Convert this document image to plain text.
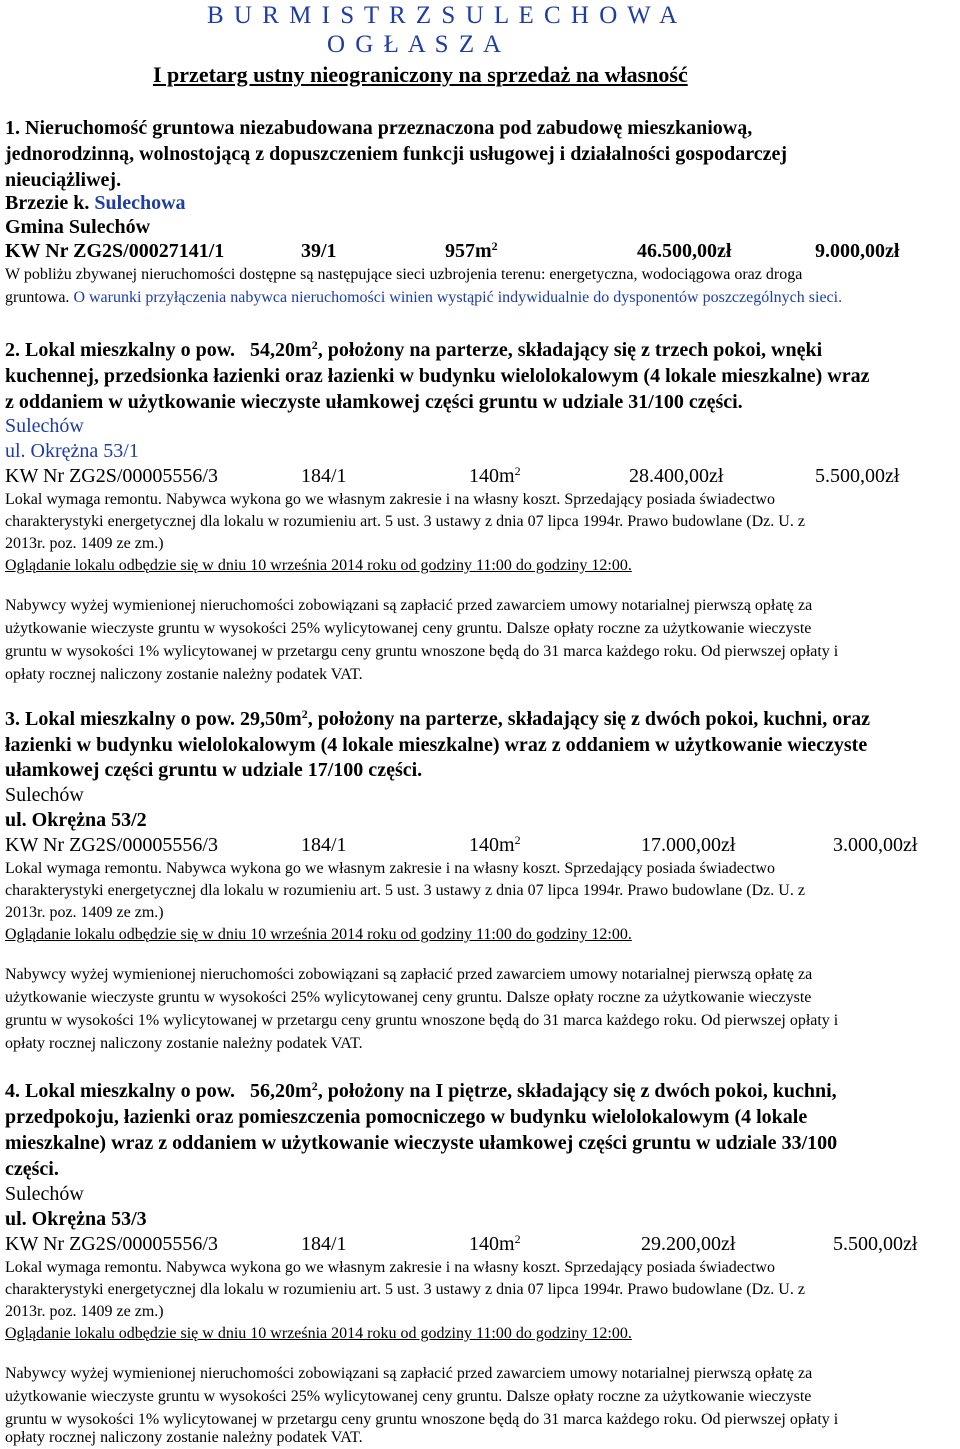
B U R M I S T R Z S U L E C H O W A
O G Ł A S Z A
I przetarg ustny nieograniczony na sprzedaż na własność
1. Nieruchomość gruntowa niezabudowana przeznaczona pod zabudowę mieszkaniową,
jednorodzinną, wolnostojącą z dopuszczeniem funkcji usługowej i działalności gospodarczej
nieuciążliwej.
Brzezie k. Sulechowa
Gmina Sulechów
KW Nr ZG2S/00027141/1	39/1	$957m^2$	46.500,00zł	9.000,00zł
W pobliżu zbywanej nieruchomości dostępne są następujące sieci uzbrojenia terenu: energetyczna, wodociągowa oraz droga
gruntowa. O warunki przyłączenia nabywca nieruchomości winien wystąpić indywidualnie do dysponentów poszczególnych sieci.
2. Lokal mieszkalny o pow. $54,20m^2$, położony na parterze, składający się z trzech pokoi, wnęki
kuchennej, przedsionka łazienki oraz łazienki w budynku wielolokalowym (4 lokale mieszkalne) wraz
z oddaniem w użytkowanie wieczyste ułamkowej części gruntu w udziale 31/100 części.
Sulechów
ul. Okrężna 53/1
KW Nr ZG2S/00005556/3	184/1	$140m^2$	28.400,00zł	5.500,00zł
Lokal wymaga remontu. Nabywca wykona go we własnym zakresie i na własny koszt. Sprzedający posiada świadectwo
charakterystyki energetycznej dla lokalu w rozumieniu art. 5 ust. 3 ustawy z dnia 07 lipca 1994r. Prawo budowlane (Dz. U. z
2013r. poz. 1409 ze zm.)
Oglądanie lokalu odbędzie się w dniu 10 września 2014 roku od godziny 11:00 do godziny 12:00.
Nabywcy wyżej wymienionej nieruchomości zobowiązani są zapłacić przed zawarciem umowy notarialnej pierwszą opłatę za
użytkowanie wieczyste gruntu w wysokości 25% wylicytowanej ceny gruntu. Dalsze opłaty roczne za użytkowanie wieczyste
gruntu w wysokości 1% wylicytowanej w przetargu ceny gruntu wnoszone będą do 31 marca każdego roku. Od pierwszej opłaty i
opłaty rocznej naliczony zostanie należny podatek VAT.
3. Lokal mieszkalny o pow. $29,50m^2$, położony na parterze, składający się z dwóch pokoi, kuchni, oraz
łazienki w budynku wielolokalowym (4 lokale mieszkalne) wraz z oddaniem w użytkowanie wieczyste
ułamkowej części gruntu w udziale 17/100 części.
Sulechów
ul. Okrężna 53/2
KW Nr ZG2S/00005556/3	184/1	$140m^2$	17.000,00zł	3.000,00zł
Lokal wymaga remontu. Nabywca wykona go we własnym zakresie i na własny koszt. Sprzedający posiada świadectwo
charakterystyki energetycznej dla lokalu w rozumieniu art. 5 ust. 3 ustawy z dnia 07 lipca 1994r. Prawo budowlane (Dz. U. z
2013r. poz. 1409 ze zm.)
Oglądanie lokalu odbędzie się w dniu 10 września 2014 roku od godziny 11:00 do godziny 12:00.
Nabywcy wyżej wymienionej nieruchomości zobowiązani są zapłacić przed zawarciem umowy notarialnej pierwszą opłatę za
użytkowanie wieczyste gruntu w wysokości 25% wylicytowanej ceny gruntu. Dalsze opłaty roczne za użytkowanie wieczyste
gruntu w wysokości 1% wylicytowanej w przetargu ceny gruntu wnoszone będą do 31 marca każdego roku. Od pierwszej opłaty i
opłaty rocznej naliczony zostanie należny podatek VAT.
4. Lokal mieszkalny o pow. $56,20m^2$, położony na I piętrze, składający się z dwóch pokoi, kuchni,
przedpokoju, łazienki oraz pomieszczenia pomocniczego w budynku wielolokalowym (4 lokale
mieszkalne) wraz z oddaniem w użytkowanie wieczyste ułamkowej części gruntu w udziale 33/100
części.
Sulechów
ul. Okrężna 53/3
KW Nr ZG2S/00005556/3	184/1	$140m^2$	29.200,00zł	5.500,00zł
Lokal wymaga remontu. Nabywca wykona go we własnym zakresie i na własny koszt. Sprzedający posiada świadectwo
charakterystyki energetycznej dla lokalu w rozumieniu art. 5 ust. 3 ustawy z dnia 07 lipca 1994r. Prawo budowlane (Dz. U. z
2013r. poz. 1409 ze zm.)
Oglądanie lokalu odbędzie się w dniu 10 września 2014 roku od godziny 11:00 do godziny 12:00.
Nabywcy wyżej wymienionej nieruchomości zobowiązani są zapłacić przed zawarciem umowy notarialnej pierwszą opłatę za
użytkowanie wieczyste gruntu w wysokości 25% wylicytowanej ceny gruntu. Dalsze opłaty roczne za użytkowanie wieczyste
gruntu w wysokości 1% wylicytowanej w przetargu ceny gruntu wnoszone będą do 31 marca każdego roku. Od pierwszej opłaty i
opłaty rocznej naliczony zostanie należny podatek VAT.
